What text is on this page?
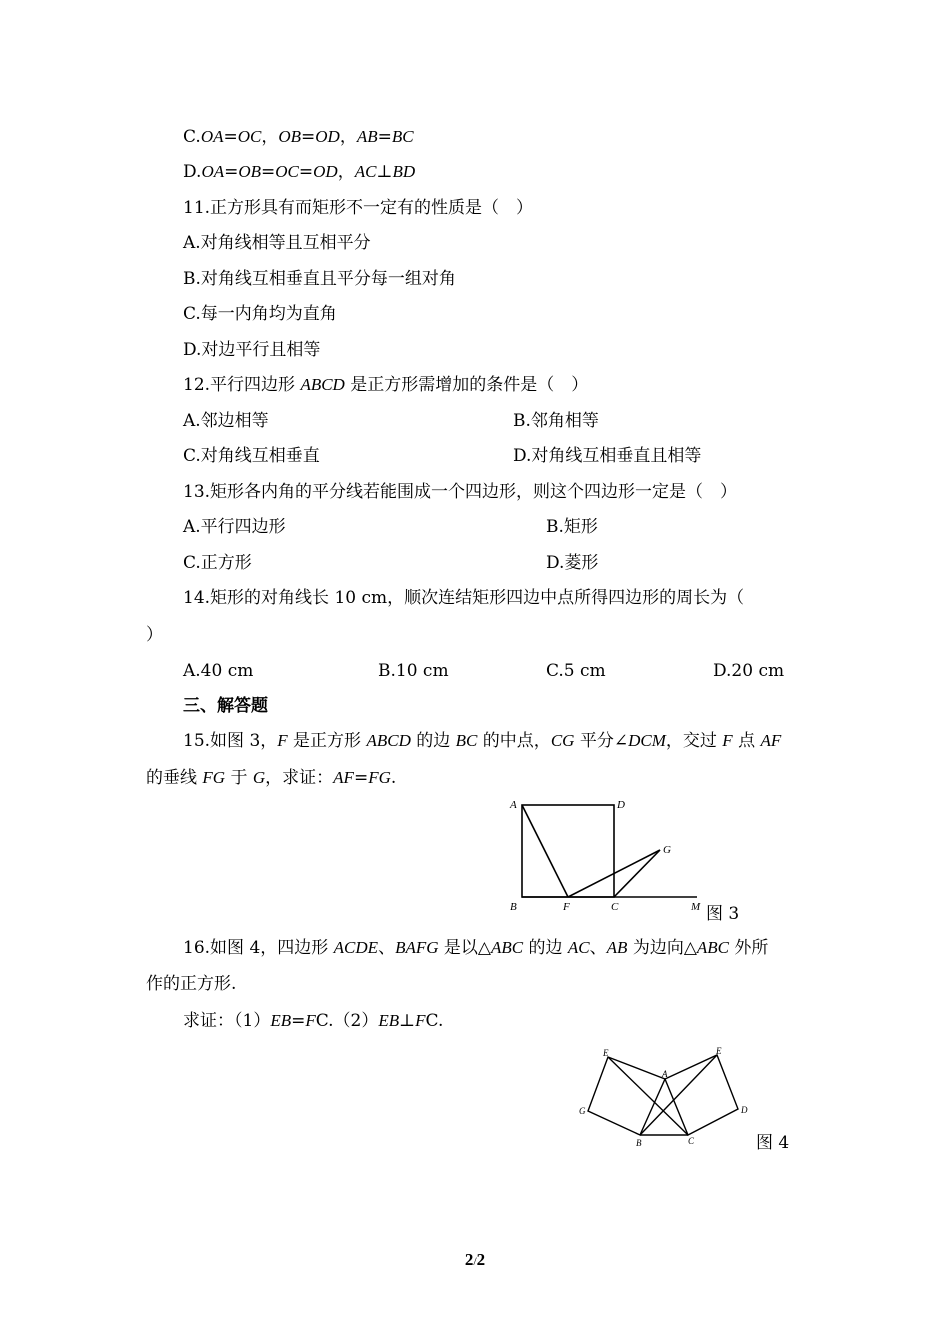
C.OA=OC，OB=OD，AB=BC
D.OA=OB=OC=OD，AC⊥BD
11.正方形具有而矩形不一定有的性质是（　）
A.对角线相等且互相平分
B.对角线互相垂直且平分每一组对角
C.每一内角均为直角
D.对边平行且相等
12.平行四边形 ABCD 是正方形需增加的条件是（　）
A.邻边相等	B.邻角相等
C.对角线互相垂直	D.对角线互相垂直且相等
13.矩形各内角的平分线若能围成一个四边形，则这个四边形一定是（　）
A.平行四边形	B.矩形
C.正方形	D.菱形
14.矩形的对角线长 10 cm，顺次连结矩形四边中点所得四边形的周长为（
）
A.40 cm	B.10 cm	C.5 cm	D.20 cm
三、解答题
15.如图 3，F 是正方形 ABCD 的边 BC 的中点，CG 平分∠DCM，交过 F 点 AF
的垂线 FG 于 G，求证：AF=FG.
A	D
G
B	F	C	M 图 3
16.如图 4，四边形 ACDE、BAFG 是以△ABC 的边 AC、AB 为边向△ABC 外所
作的正方形.
求证：（1）EB=FC.（2）EB⊥FC.
E	E
A
G	D
B	C	图 4
2/2
